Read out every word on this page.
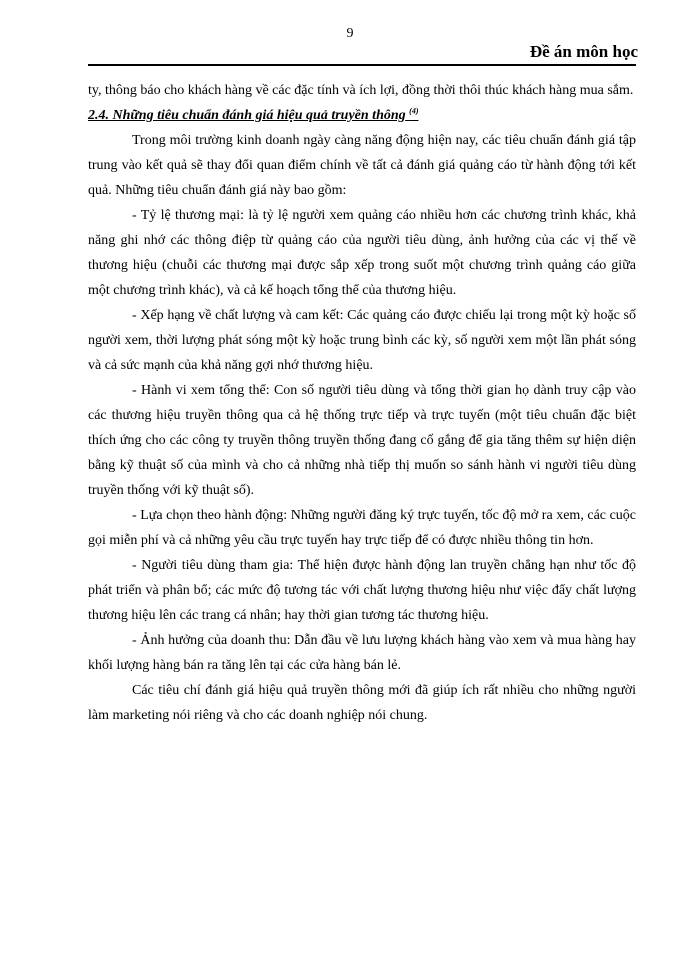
9
Đề án môn học

ty, thông báo cho khách hàng về các đặc tính và ích lợi, đồng thời thôi thúc khách hàng mua sắm.

2.4. Những tiêu chuẩn đánh giá hiệu quả truyền thông $^{(4)}$

Trong môi trường kinh doanh ngày càng năng động hiện nay, các tiêu chuẩn đánh giá tập trung vào kết quả sẽ thay đổi quan điểm chính về tất cả đánh giá quảng cáo từ hành động tới kết quả. Những tiêu chuẩn đánh giá này bao gồm:

- Tỷ lệ thương mại: là tỷ lệ người xem quảng cáo nhiều hơn các chương trình khác, khả năng ghi nhớ các thông điệp từ quảng cáo của người tiêu dùng, ảnh hưởng của các vị thế về thương hiệu (chuỗi các thương mại được sắp xếp trong suốt một chương trình quảng cáo giữa một chương trình khác), và cả kế hoạch tổng thể của thương hiệu.

- Xếp hạng về chất lượng và cam kết: Các quảng cáo được chiếu lại trong một kỳ hoặc số người xem, thời lượng phát sóng một kỳ hoặc trung bình các kỳ, số người xem một lần phát sóng và cả sức mạnh của khả năng gợi nhớ thương hiệu.

- Hành vi xem tổng thể: Con số người tiêu dùng và tổng thời gian họ dành truy cập vào các thương hiệu truyền thông qua cả hệ thống trực tiếp và trực tuyến (một tiêu chuẩn đặc biệt thích ứng cho các công ty truyền thông truyền thống đang cố gắng để gia tăng thêm sự hiện diện bằng kỹ thuật số của mình và cho cả những nhà tiếp thị muốn so sánh hành vi người tiêu dùng truyền thống với kỹ thuật số).

- Lựa chọn theo hành động: Những người đăng ký trực tuyến, tốc độ mở ra xem, các cuộc gọi miễn phí và cả những yêu cầu trực tuyến hay trực tiếp để có được nhiều thông tin hơn.

- Người tiêu dùng tham gia: Thể hiện được hành động lan truyền chẳng hạn như tốc độ phát triển và phân bổ; các mức độ tương tác với chất lượng thương hiệu như việc đẩy chất lượng thương hiệu lên các trang cá nhân; hay thời gian tương tác thương hiệu.

- Ảnh hưởng của doanh thu: Dẫn đầu về lưu lượng khách hàng vào xem và mua hàng hay khối lượng hàng bán ra tăng lên tại các cửa hàng bán lẻ.

Các tiêu chí đánh giá hiệu quả truyền thông mới đã giúp ích rất nhiều cho những người làm marketing nói riêng và cho các doanh nghiệp nói chung.
